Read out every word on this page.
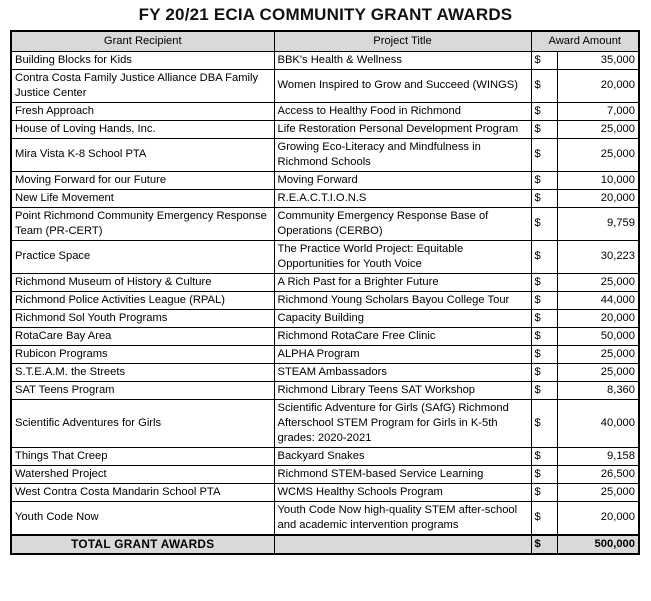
FY 20/21 ECIA COMMUNITY GRANT AWARDS
Grant Recipient	Project Title	Award Amount	
Building Blocks for Kids	BBK's Health & Wellness	$	35,000
Contra Costa Family Justice Alliance DBA Family Justice Center	Women Inspired to Grow and Succeed (WINGS)	$	20,000
Fresh Approach	Access to Healthy Food in Richmond	$	7,000
House of Loving Hands, Inc.	Life Restoration Personal Development Program	$	25,000
Mira Vista K-8 School PTA	Growing Eco-Literacy and Mindfulness in Richmond Schools	$	25,000
Moving Forward for our Future	Moving Forward	$	10,000
New Life Movement	R.E.A.C.T.I.O.N.S	$	20,000
Point Richmond Community Emergency Response Team (PR-CERT)	Community Emergency Response Base of Operations (CERBO)	$	9,759
Practice Space	The Practice World Project: Equitable Opportunities for Youth Voice	$	30,223
Richmond Museum of History & Culture	A Rich Past for a Brighter Future	$	25,000
Richmond Police Activities League (RPAL)	Richmond Young Scholars Bayou College Tour	$	44,000
Richmond Sol Youth Programs	Capacity Building	$	20,000
RotaCare Bay Area	Richmond RotaCare Free Clinic	$	50,000
Rubicon Programs	ALPHA Program	$	25,000
S.T.E.A.M. the Streets	STEAM Ambassadors	$	25,000
SAT Teens Program	Richmond Library Teens SAT Workshop	$	8,360
Scientific Adventures for Girls	Scientific Adventure for Girls (SAfG) Richmond Afterschool STEM Program for Girls in K-5th grades: 2020-2021	$	40,000
Things That Creep	Backyard Snakes	$	9,158
Watershed Project	Richmond STEM-based Service Learning	$	26,500
West Contra Costa Mandarin School PTA	WCMS Healthy Schools Program	$	25,000
Youth Code Now	Youth Code Now high-quality STEM after-school and academic intervention programs	$	20,000
TOTAL GRANT AWARDS		$	500,000
